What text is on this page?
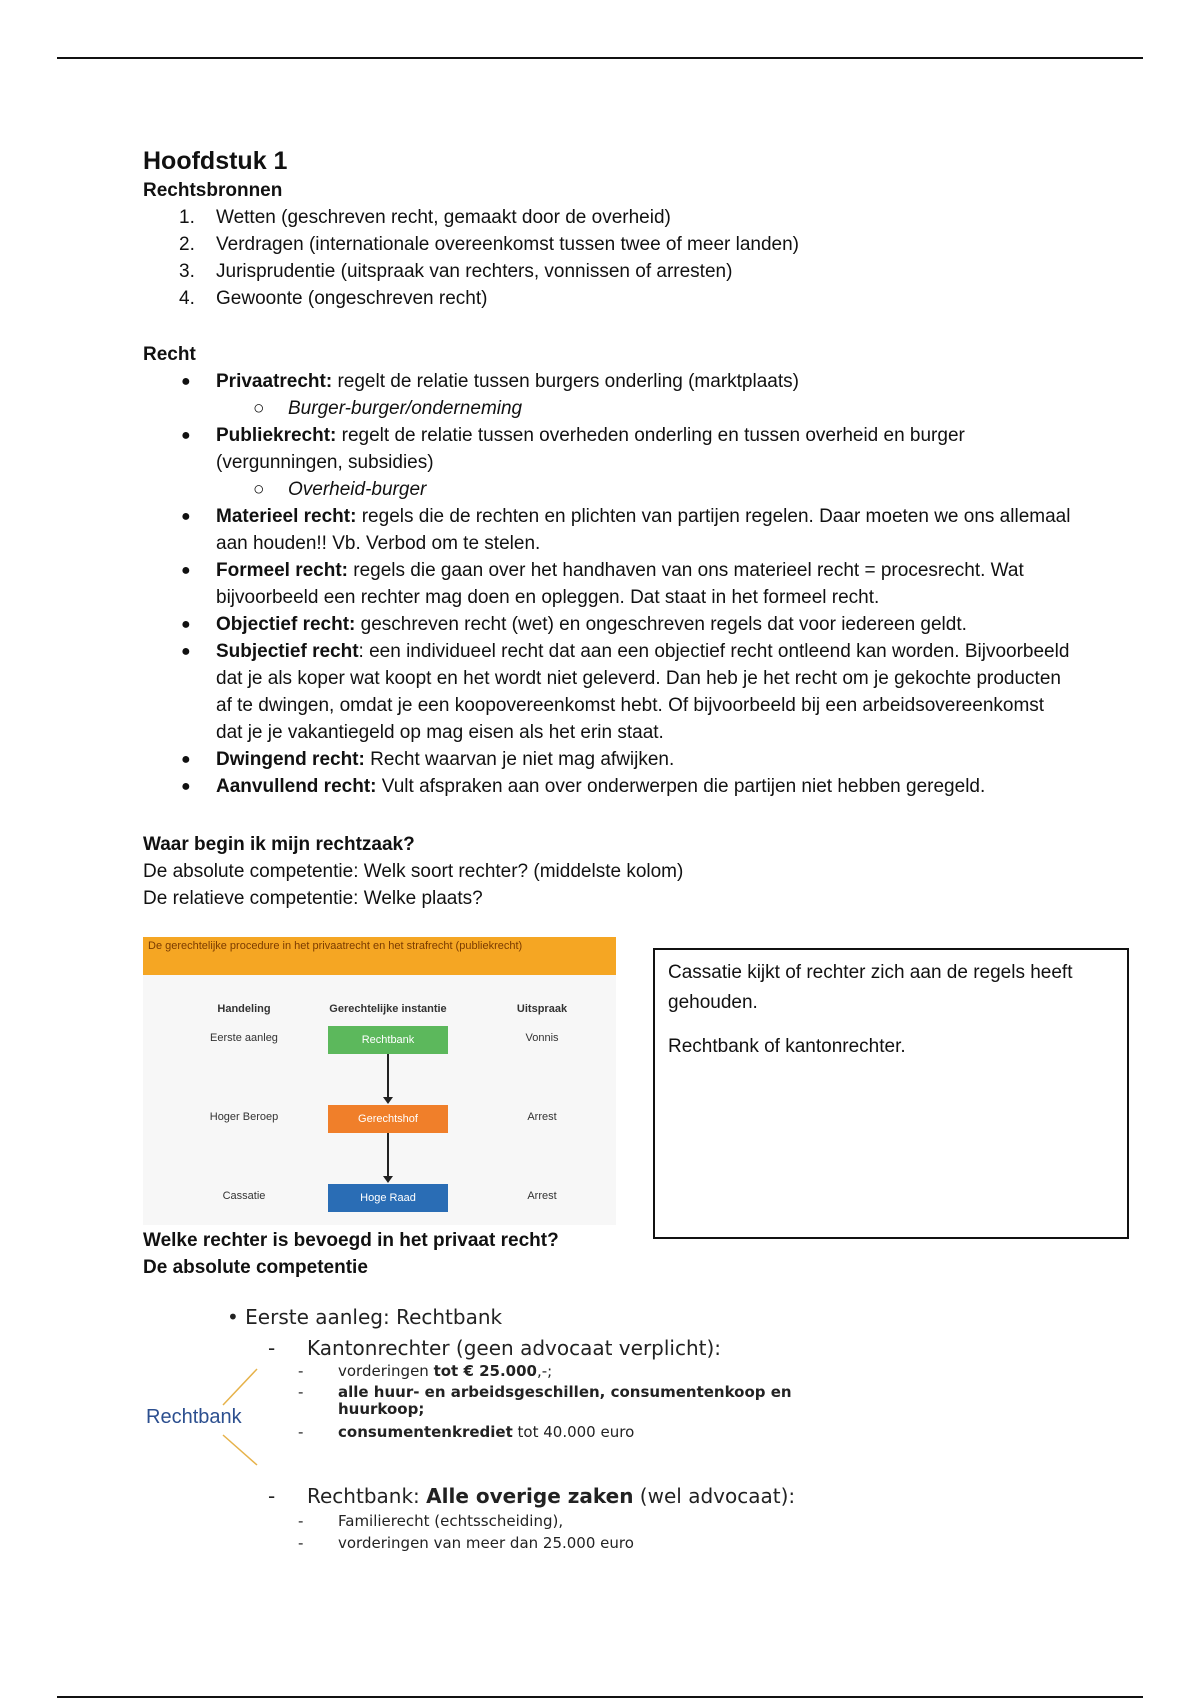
Hoofdstuk 1
Rechtsbronnen
1. Wetten (geschreven recht, gemaakt door de overheid)
2. Verdragen (internationale overeenkomst tussen twee of meer landen)
3. Jurisprudentie (uitspraak van rechters, vonnissen of arresten)
4. Gewoonte (ongeschreven recht)
Recht
● Privaatrecht: regelt de relatie tussen burgers onderling (marktplaats)
○ Burger-burger/onderneming
● Publiekrecht: regelt de relatie tussen overheden onderling en tussen overheid en burger (vergunningen, subsidies)
○ Overheid-burger
● Materieel recht: regels die de rechten en plichten van partijen regelen. Daar moeten we ons allemaal aan houden!! Vb. Verbod om te stelen.
● Formeel recht: regels die gaan over het handhaven van ons materieel recht = procesrecht. Wat bijvoorbeeld een rechter mag doen en opleggen. Dat staat in het formeel recht.
● Objectief recht: geschreven recht (wet) en ongeschreven regels dat voor iedereen geldt.
● Subjectief recht: een individueel recht dat aan een objectief recht ontleend kan worden. Bijvoorbeeld dat je als koper wat koopt en het wordt niet geleverd. Dan heb je het recht om je gekochte producten af te dwingen, omdat je een koopovereenkomst hebt. Of bijvoorbeeld bij een arbeidsovereenkomst dat je je vakantiegeld op mag eisen als het erin staat.
● Dwingend recht: Recht waarvan je niet mag afwijken.
● Aanvullend recht: Vult afspraken aan over onderwerpen die partijen niet hebben geregeld.
Waar begin ik mijn rechtzaak?
De absolute competentie: Welk soort rechter? (middelste kolom)
De relatieve competentie: Welke plaats?
De gerechtelijke procedure in het privaatrecht en het strafrecht (publiekrecht)
Handeling	Gerechtelijke instantie	Uitspraak
Eerste aanleg	Rechtbank	Vonnis
Hoger Beroep	Gerechtshof	Arrest
Cassatie	Hoge Raad	Arrest
Cassatie kijkt of rechter zich aan de regels heeft gehouden.
Rechtbank of kantonrechter.
Welke rechter is bevoegd in het privaat recht?
De absolute competentie
Rechtbank
• Eerste aanleg: Rechtbank
- Kantonrechter (geen advocaat verplicht):
- vorderingen tot € 25.000,-;
- alle huur- en arbeidsgeschillen, consumentenkoop en huurkoop;
- consumentenkrediet tot 40.000 euro
- Rechtbank: Alle overige zaken (wel advocaat):
- Familierecht (echtsscheiding),
- vorderingen van meer dan 25.000 euro
